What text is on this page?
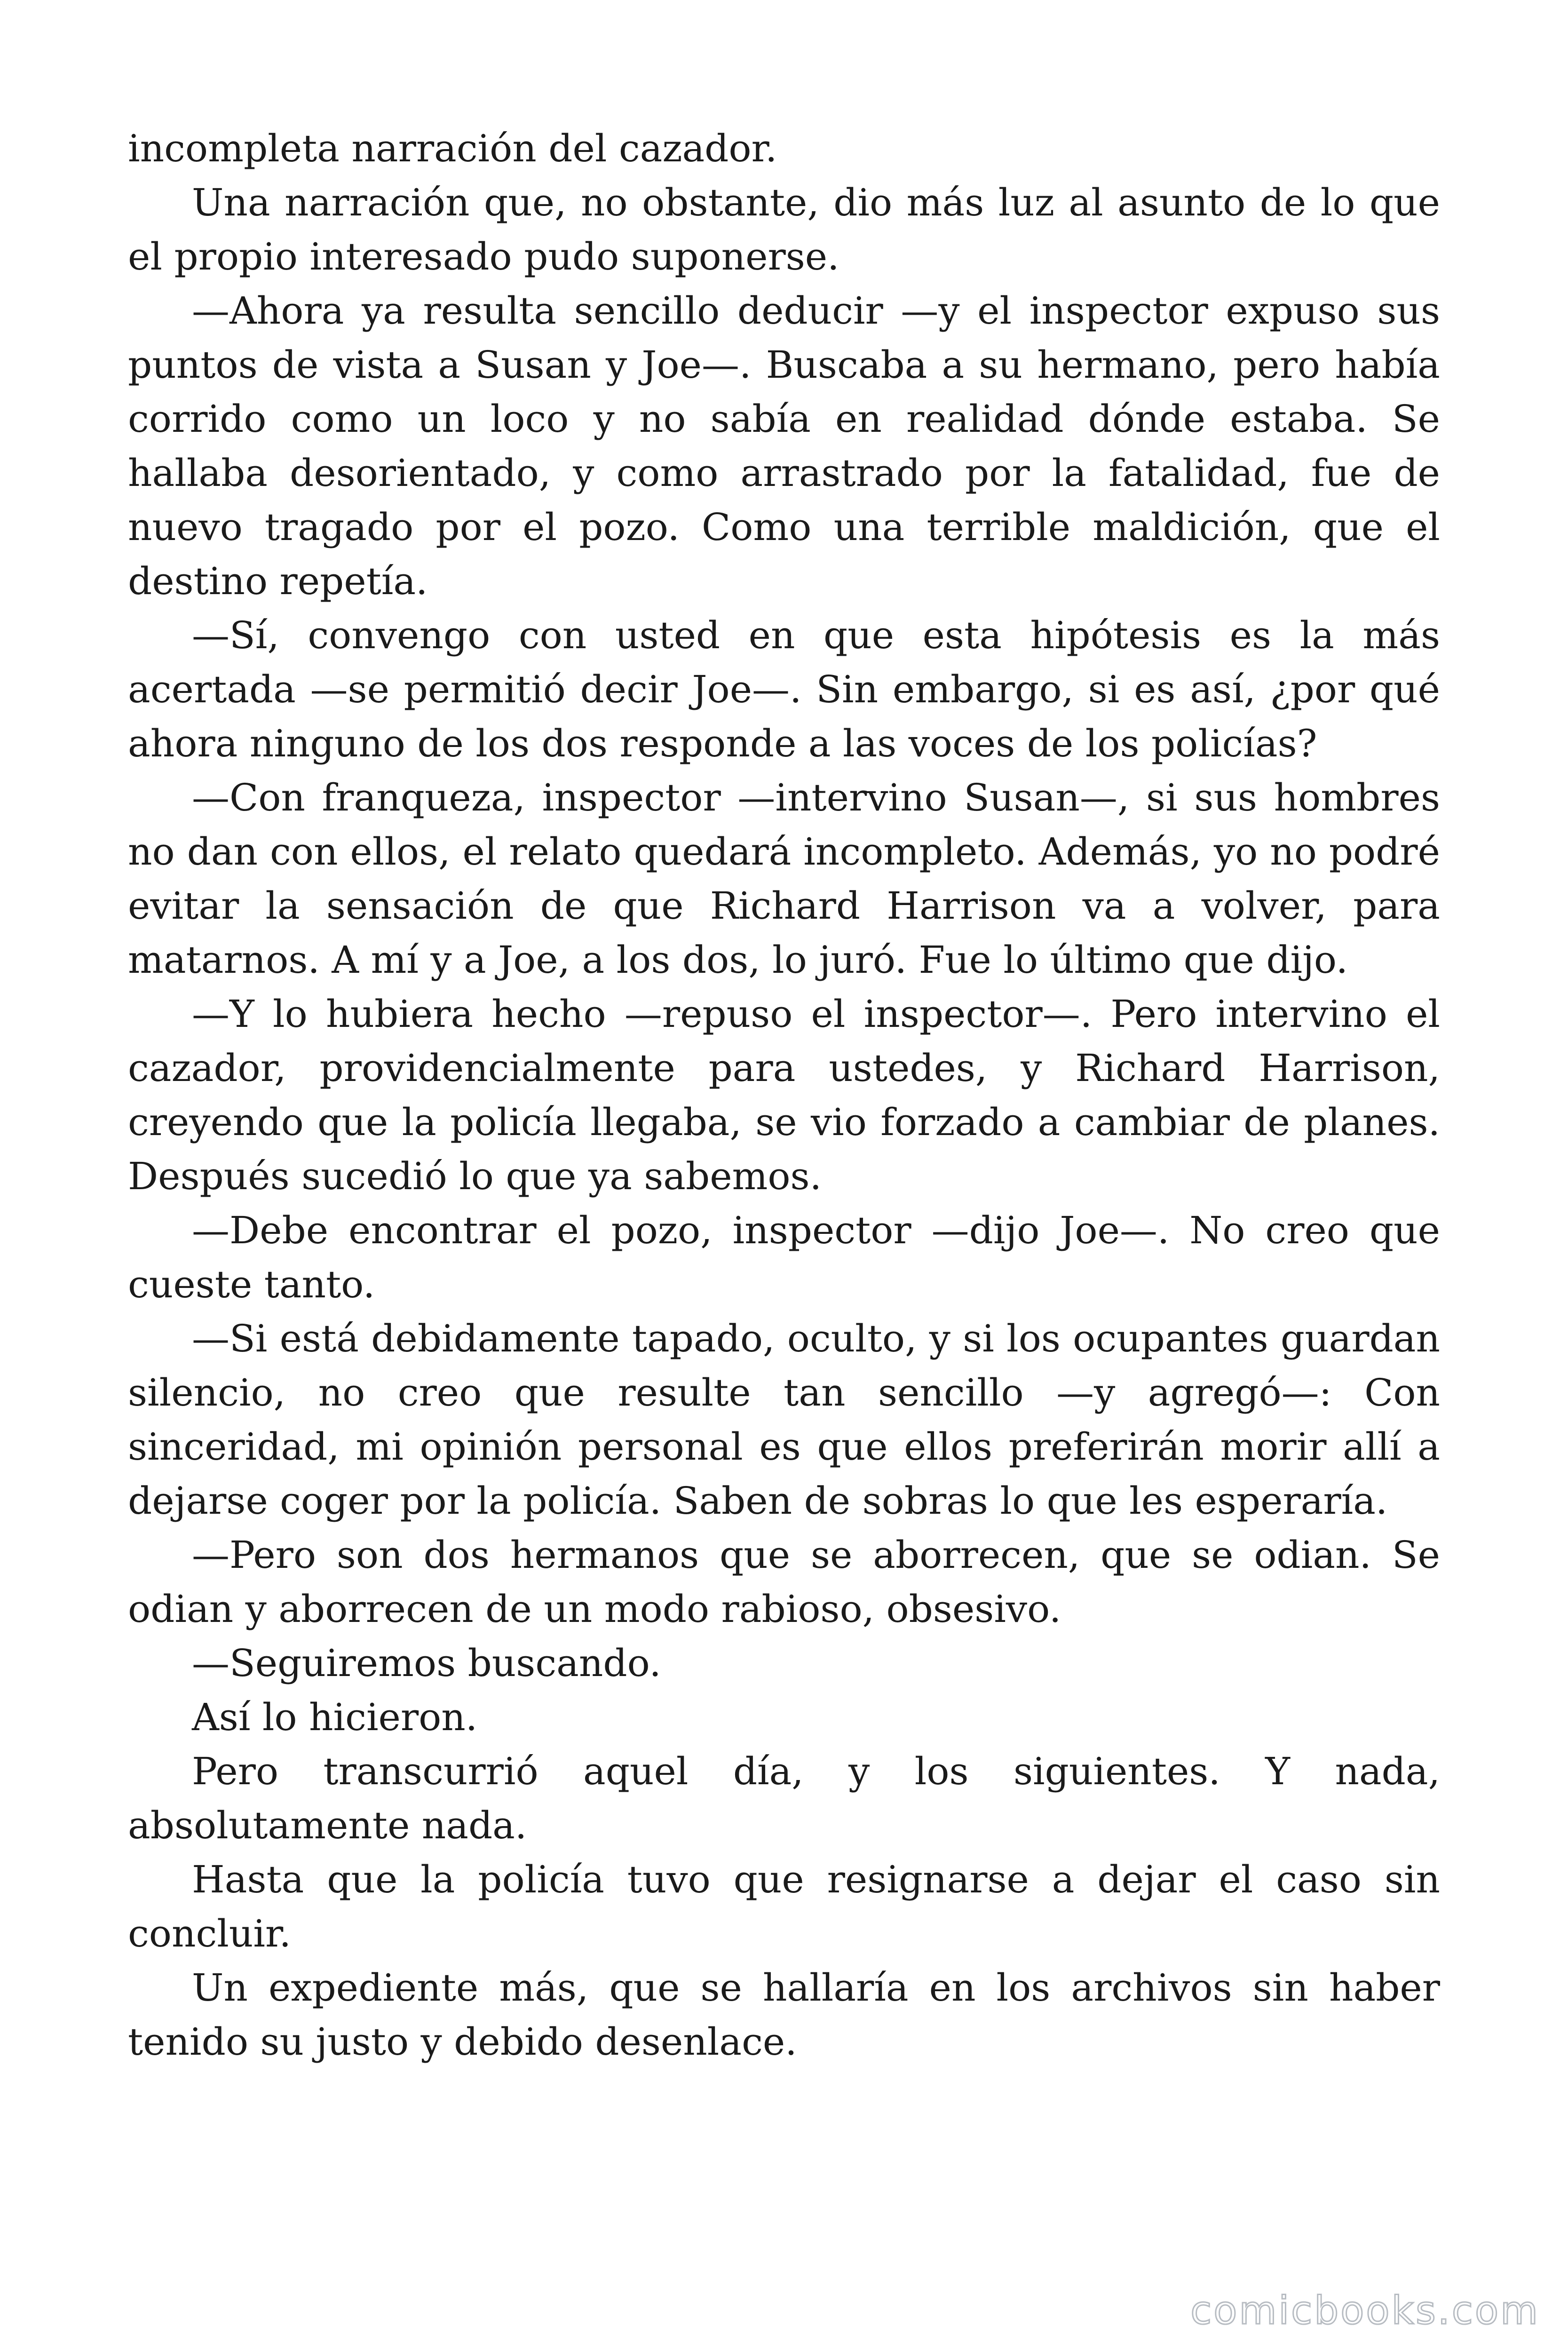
incompleta narración del cazador.

Una narración que, no obstante, dio más luz al asunto de lo que el propio interesado pudo suponerse.

—Ahora ya resulta sencillo deducir —y el inspector expuso sus puntos de vista a Susan y Joe—. Buscaba a su hermano, pero había corrido como un loco y no sabía en realidad dónde estaba. Se hallaba desorientado, y como arrastrado por la fatalidad, fue de nuevo tragado por el pozo. Como una terrible maldición, que el destino repetía.

—Sí, convengo con usted en que esta hipótesis es la más acertada —se permitió decir Joe—. Sin embargo, si es así, ¿por qué ahora ninguno de los dos responde a las voces de los policías?

—Con franqueza, inspector —intervino Susan—, si sus hombres no dan con ellos, el relato quedará incompleto. Además, yo no podré evitar la sensación de que Richard Harrison va a volver, para matarnos. A mí y a Joe, a los dos, lo juró. Fue lo último que dijo.

—Y lo hubiera hecho —repuso el inspector—. Pero intervino el cazador, providencialmente para ustedes, y Richard Harrison, creyendo que la policía llegaba, se vio forzado a cambiar de planes. Después sucedió lo que ya sabemos.

—Debe encontrar el pozo, inspector —dijo Joe—. No creo que cueste tanto.

—Si está debidamente tapado, oculto, y si los ocupantes guardan silencio, no creo que resulte tan sencillo —y agregó—: Con sinceridad, mi opinión personal es que ellos preferirán morir allí a dejarse coger por la policía. Saben de sobras lo que les esperaría.

—Pero son dos hermanos que se aborrecen, que se odian. Se odian y aborrecen de un modo rabioso, obsesivo.

—Seguiremos buscando.

Así lo hicieron.

Pero transcurrió aquel día, y los siguientes. Y nada, absolutamente nada.

Hasta que la policía tuvo que resignarse a dejar el caso sin concluir.

Un expediente más, que se hallaría en los archivos sin haber tenido su justo y debido desenlace.

comicbooks.com
